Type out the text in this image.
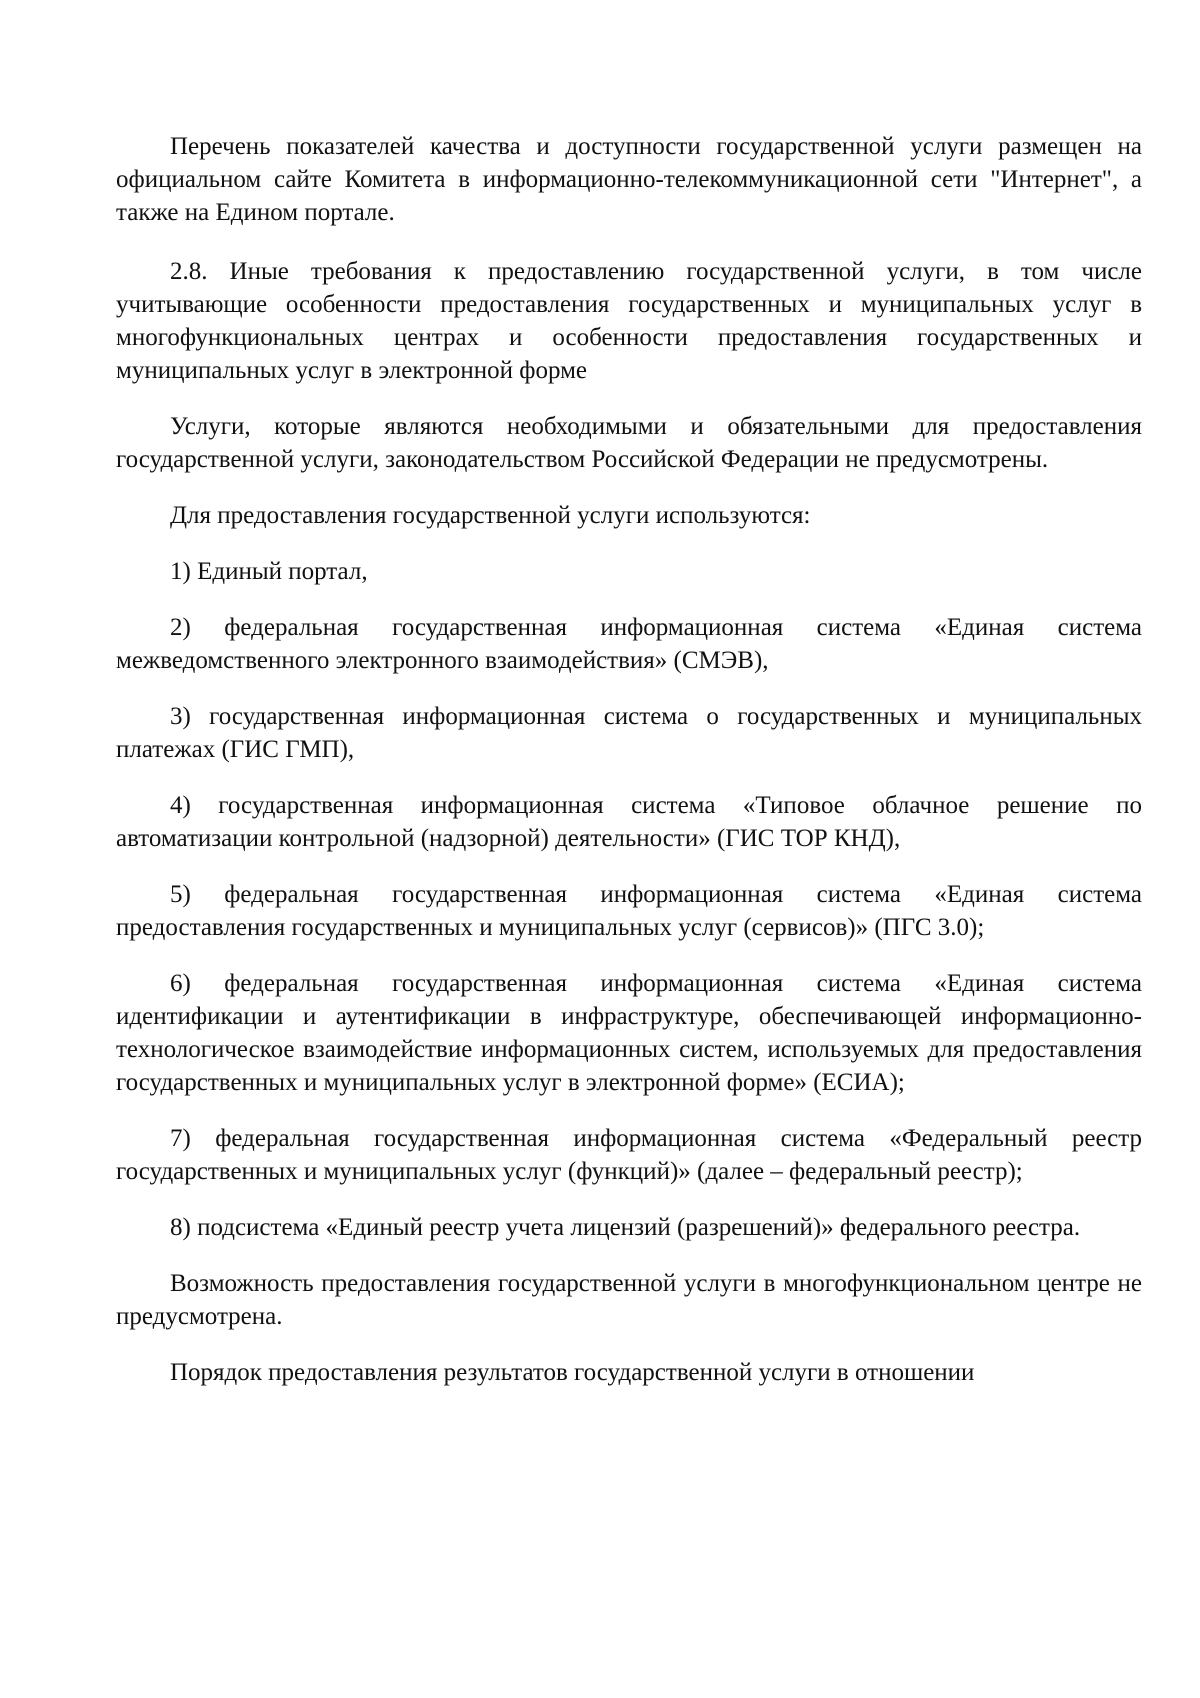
Перечень показателей качества и доступности государственной услуги размещен на официальном сайте Комитета в информационно-телекоммуникационной сети "Интернет", а также на Едином портале.

2.8. Иные требования к предоставлению государственной услуги, в том числе учитывающие особенности предоставления государственных и муниципальных услуг в многофункциональных центрах и особенности предоставления государственных и муниципальных услуг в электронной форме

Услуги, которые являются необходимыми и обязательными для предоставления государственной услуги, законодательством Российской Федерации не предусмотрены.

Для предоставления государственной услуги используются:

1) Единый портал,

2) федеральная государственная информационная система «Единая система межведомственного электронного взаимодействия» (СМЭВ),

3) государственная информационная система о государственных и муниципальных платежах (ГИС ГМП),

4) государственная информационная система «Типовое облачное решение по автоматизации контрольной (надзорной) деятельности» (ГИС ТОР КНД),

5) федеральная государственная информационная система «Единая система предоставления государственных и муниципальных услуг (сервисов)» (ПГС 3.0);

6) федеральная государственная информационная система «Единая система идентификации и аутентификации в инфраструктуре, обеспечивающей информационно-технологическое взаимодействие информационных систем, используемых для предоставления государственных и муниципальных услуг в электронной форме» (ЕСИА);

7) федеральная государственная информационная система «Федеральный реестр государственных и муниципальных услуг (функций)» (далее – федеральный реестр);

8) подсистема «Единый реестр учета лицензий (разрешений)» федерального реестра.

Возможность предоставления государственной услуги в многофункциональном центре не предусмотрена.

Порядок предоставления результатов государственной услуги в отношении
